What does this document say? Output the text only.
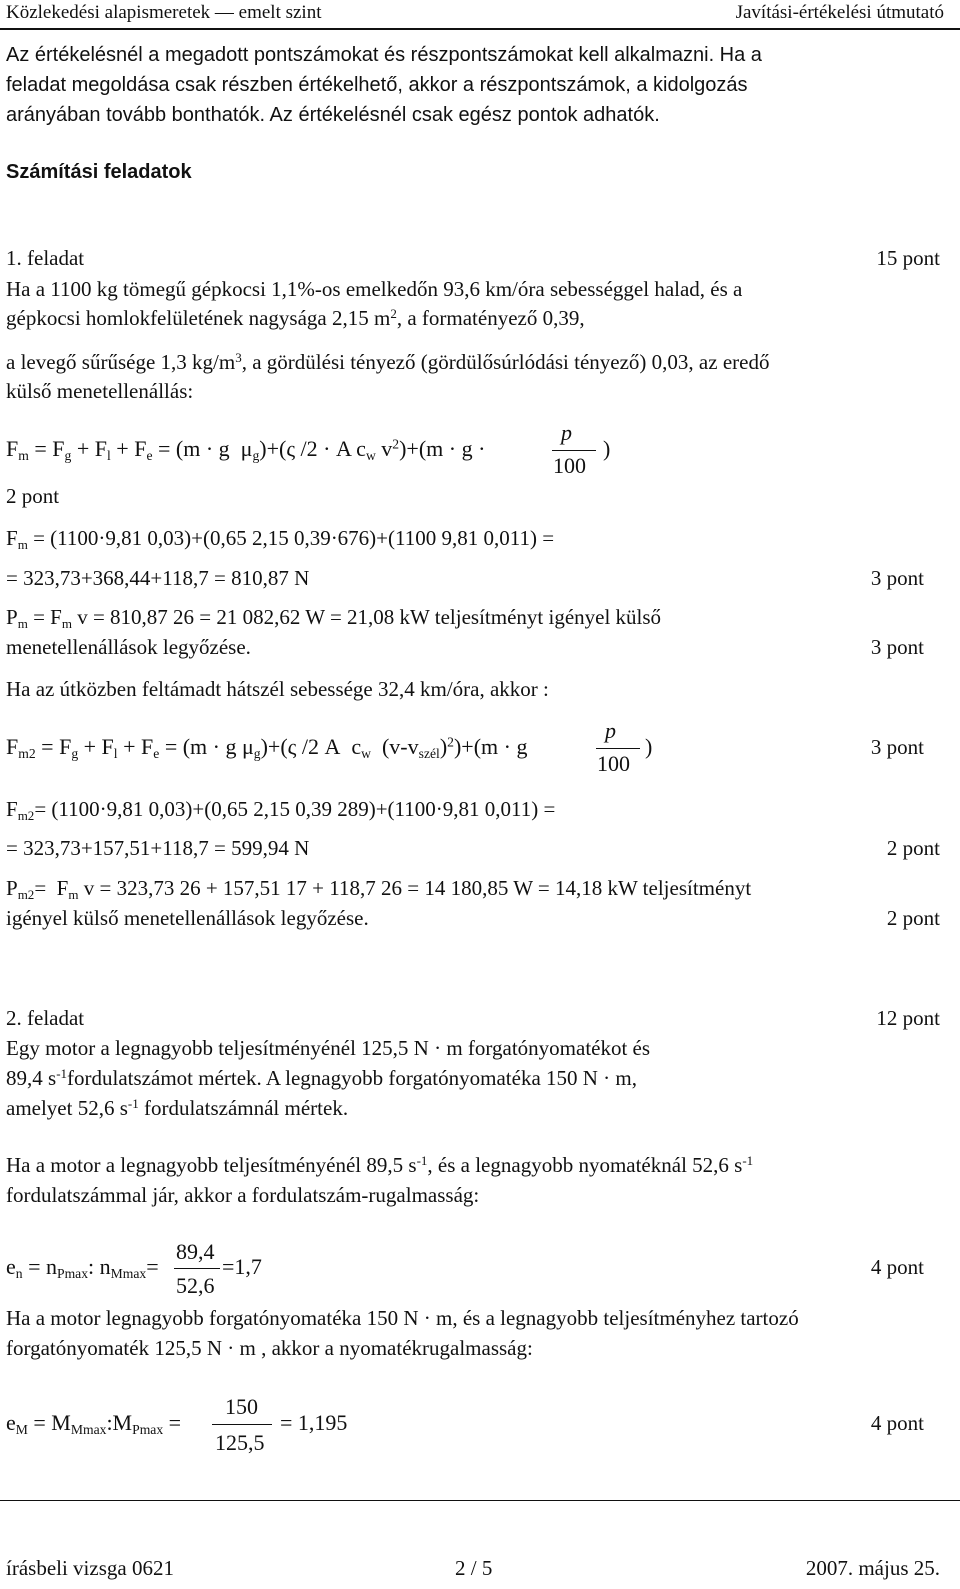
Közlekedési alapismeretek — emelt szint	Javítási-értékelési útmutató
Az értékelésnél a megadott pontszámokat és részpontszámokat kell alkalmazni. Ha a
feladat megoldása csak részben értékelhető, akkor a részpontszámok, a kidolgozás
arányában tovább bonthatók. Az értékelésnél csak egész pontok adhatók.
Számítási feladatok
1. feladat	15 pont
Ha a 1100 kg tömegű gépkocsi 1,1%-os emelkedőn 93,6 km/óra sebességgel halad, és a
gépkocsi homlokfelületének nagysága 2,15 $m^2$, a formatényező 0,39,
a levegő sűrűsége 1,3 $kg/m^3$, a gördülési tényező (gördülősúrlódási tényező) 0,03, az eredő
külső menetellenállás:
$F_m = F_g + F_l + F_e = (m \cdot g$  $\mu_g)+(\varsigma$ /2 · A $c_w$ $v^2)+(m \cdot g$ ·
p
100
)
2 pont
$F_m = (1100\cdot 9,81$ 0,03)+(0,65 2,15 0,39·676)+(1100 9,81 0,011) =
= 323,73+368,44+118,7 = 810,87 N	3 pont
$P_m = F_m$ v = 810,87 26 = 21 082,62 W = 21,08 kW teljesítményt igényel külső
menetellenállások legyőzése.	3 pont
Ha az útközben feltámadt hátszél sebessége 32,4 km/óra, akkor :
$F_{m2} = F_g + F_l + F_e = (m \cdot g$ $\mu_g)+(\varsigma$ /2 A  $c_w$  $(v-v_{szél})^2)+(m \cdot g$
p
100
)	3 pont
$F_{m2}= (1100\cdot 9,81$ 0,03)+(0,65 2,15 0,39 289)+(1100·9,81 0,011) =
= 323,73+157,51+118,7 = 599,94 N	2 pont
$P_{m2}= F_m$ v = 323,73 26 + 157,51 17 + 118,7 26 = 14 180,85 W = 14,18 kW teljesítményt
igényel külső menetellenállások legyőzése.	2 pont
2. feladat	12 pont
Egy motor a legnagyobb teljesítményénél 125,5 N · m forgatónyomatékot és
89,4 $s^{-1}fordulatszámot$ mértek. A legnagyobb forgatónyomatéka 150 N · m,
amelyet 52,6 $s^{-1}$ fordulatszámnál mértek.
Ha a motor a legnagyobb teljesítményénél 89,5 $s^{-1}$, és a legnagyobb nyomatéknál 52,6 $s^{-1}$
fordulatszámmal jár, akkor a fordulatszám-rugalmasság:
$e_n = n_{Pmax}$: $n_{Mmax}=$
89,4
52,6
=1,7	4 pont
Ha a motor legnagyobb forgatónyomatéka 150 N · m, és a legnagyobb teljesítményhez tartozó
forgatónyomaték 125,5 N · m , akkor a nyomatékrugalmasság:
$e_M$ = $M_{Mmax}:M_{Pmax}$ =
150
125,5
= 1,195	4 pont
írásbeli vizsga 0621	2 / 5	2007. május 25.
